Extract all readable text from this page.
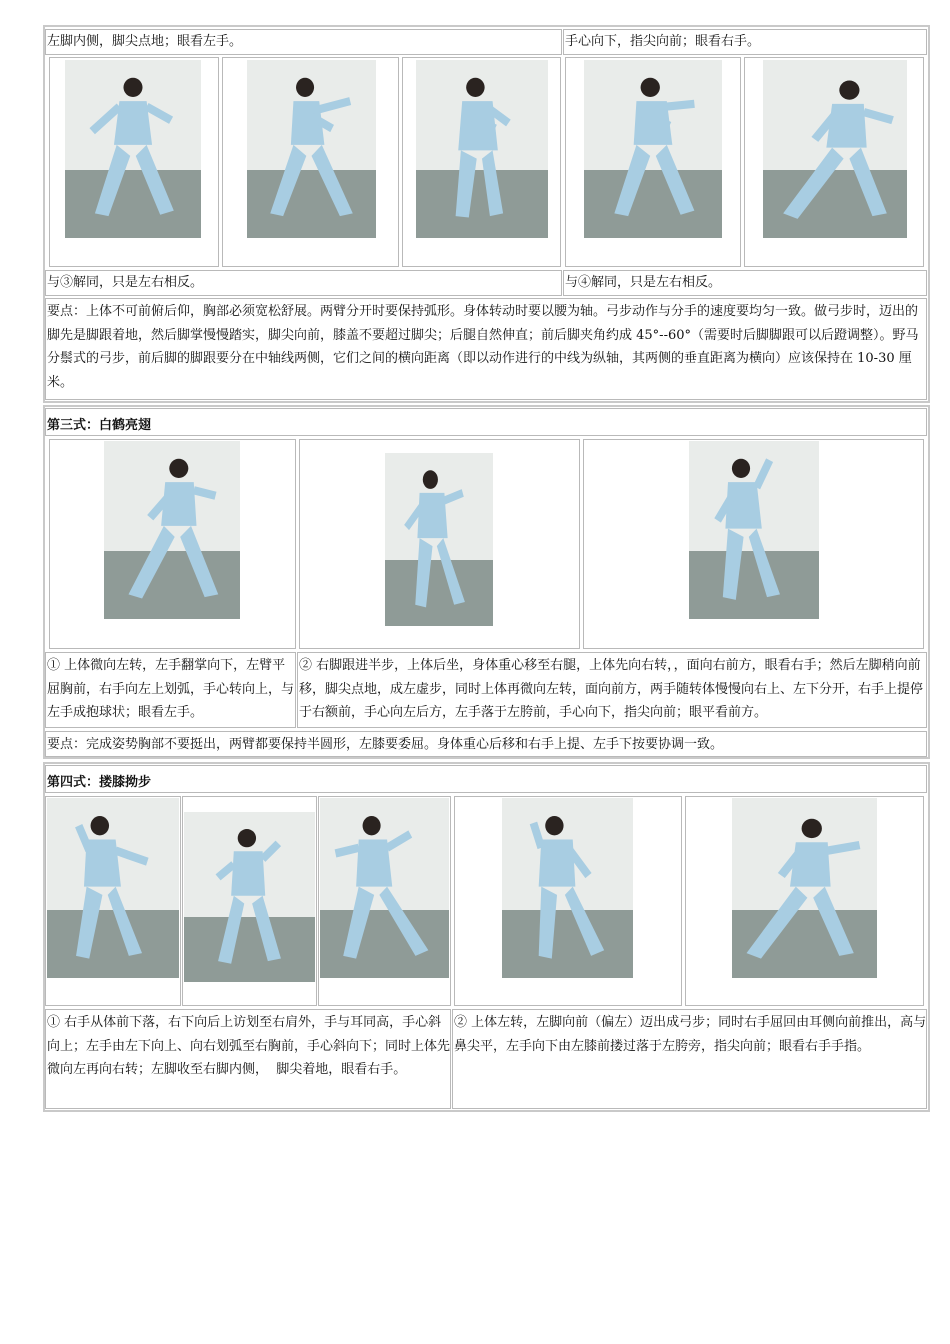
左脚内侧，脚尖点地；眼看左手。	手心向下，指尖向前；眼看右手。
与③解同，只是左右相反。	与④解同，只是左右相反。
要点：上体不可前俯后仰，胸部必须宽松舒展。两臂分开时要保持弧形。身体转动时要以腰为轴。弓步动作与分手的速度要均匀一致。做弓步时，迈出的脚先是脚跟着地，然后脚掌慢慢踏实，脚尖向前，膝盖不要超过脚尖；后腿自然伸直；前后脚夹角约成 45°--60°（需要时后脚脚跟可以后蹬调整）。野马分鬃式的弓步，前后脚的脚跟要分在中轴线两侧，它们之间的横向距离（即以动作进行的中线为纵轴，其两侧的垂直距离为横向）应该保持在 10-30 厘米。
第三式：白鹤亮翅
① 上体微向左转，左手翻掌向下，左臂平屈胸前，右手向左上划弧，手心转向上，与左手成抱球状；眼看左手。
② 右脚跟进半步，上体后坐，身体重心移至右腿，上体先向右转，，面向右前方，眼看右手；然后左脚稍向前移，脚尖点地，成左虚步，同时上体再微向左转，面向前方，两手随转体慢慢向右上、左下分开，右手上提停于右额前，手心向左后方，左手落于左胯前，手心向下，指尖向前；眼平看前方。
要点：完成姿势胸部不要挺出，两臂都要保持半圆形，左膝要委屈。身体重心后移和右手上提、左手下按要协调一致。
第四式：搂膝拗步
① 右手从体前下落，右下向后上访划至右肩外，手与耳同高，手心斜向上；左手由左下向上、向右划弧至右胸前，手心斜向下；同时上体先微向左再向右转；左脚收至右脚内侧，  脚尖着地，眼看右手。
② 上体左转，左脚向前（偏左）迈出成弓步；同时右手屈回由耳侧向前推出，高与鼻尖平，左手向下由左膝前搂过落于左胯旁，指尖向前；眼看右手手指。
